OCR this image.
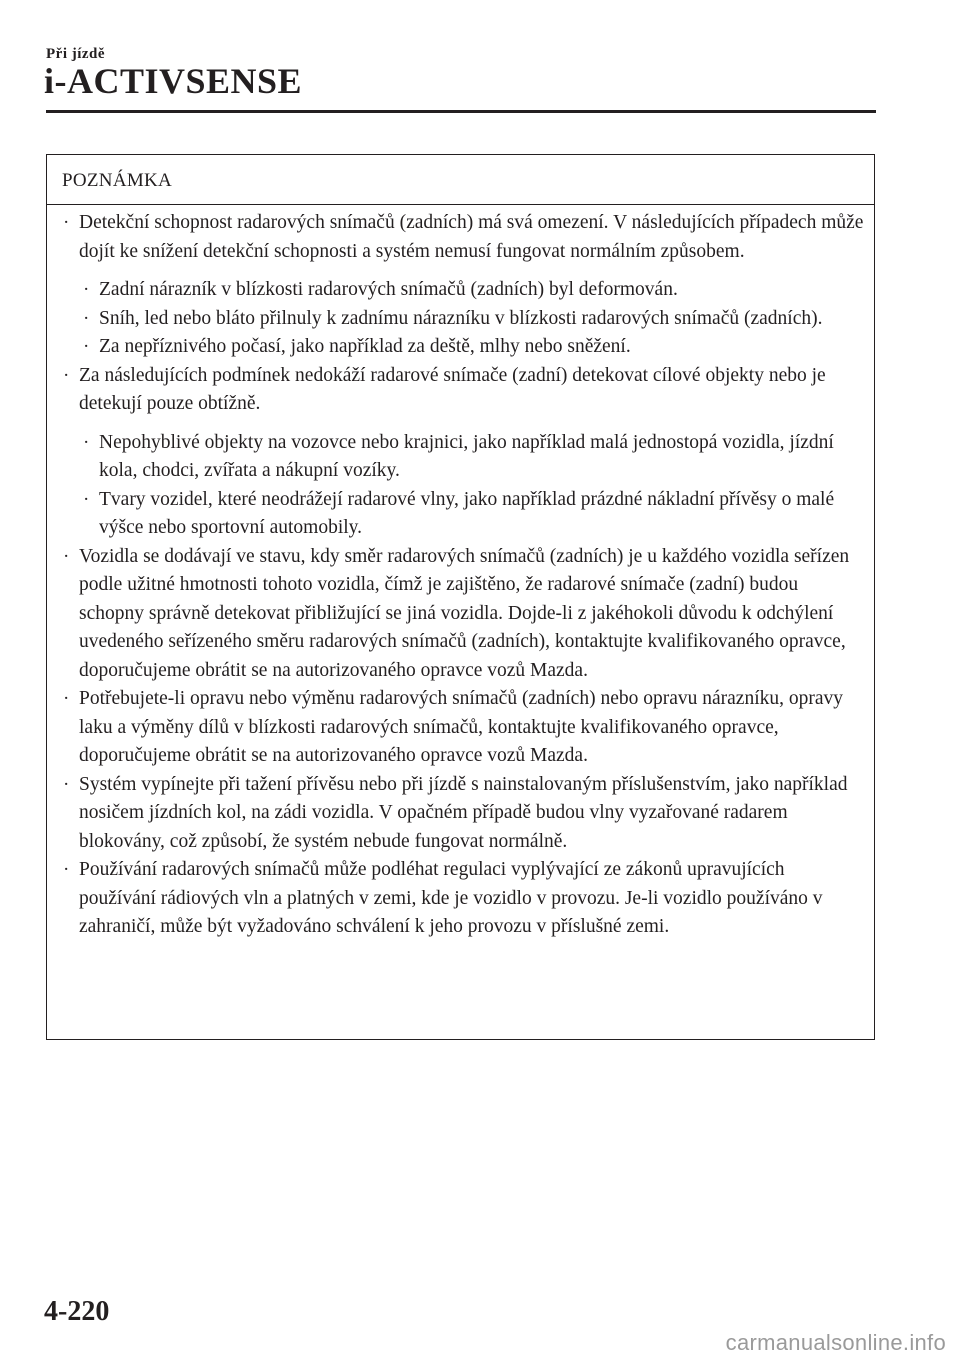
Při jízdě
i-ACTIVSENSE
POZNÁMKA
· Detekční schopnost radarových snímačů (zadních) má svá omezení. V následujících případech může dojít ke snížení detekční schopnosti a systém nemusí fungovat normálním způsobem.
· Zadní nárazník v blízkosti radarových snímačů (zadních) byl deformován.
· Sníh, led nebo bláto přilnuly k zadnímu nárazníku v blízkosti radarových snímačů (zadních).
· Za nepříznivého počasí, jako například za deště, mlhy nebo sněžení.
· Za následujících podmínek nedokáží radarové snímače (zadní) detekovat cílové objekty nebo je detekují pouze obtížně.
· Nepohyblivé objekty na vozovce nebo krajnici, jako například malá jednostopá vozidla, jízdní kola, chodci, zvířata a nákupní vozíky.
· Tvary vozidel, které neodrážejí radarové vlny, jako například prázdné nákladní přívěsy o malé výšce nebo sportovní automobily.
· Vozidla se dodávají ve stavu, kdy směr radarových snímačů (zadních) je u každého vozidla seřízen podle užitné hmotnosti tohoto vozidla, čímž je zajištěno, že radarové snímače (zadní) budou schopny správně detekovat přibližující se jiná vozidla. Dojde-li z jakéhokoli důvodu k odchýlení uvedeného seřízeného směru radarových snímačů (zadních), kontaktujte kvalifikovaného opravce, doporučujeme obrátit se na autorizovaného opravce vozů Mazda.
· Potřebujete-li opravu nebo výměnu radarových snímačů (zadních) nebo opravu nárazníku, opravy laku a výměny dílů v blízkosti radarových snímačů, kontaktujte kvalifikovaného opravce, doporučujeme obrátit se na autorizovaného opravce vozů Mazda.
· Systém vypínejte při tažení přívěsu nebo při jízdě s nainstalovaným příslušenstvím, jako například nosičem jízdních kol, na zádi vozidla. V opačném případě budou vlny vyzařované radarem blokovány, což způsobí, že systém nebude fungovat normálně.
· Používání radarových snímačů může podléhat regulaci vyplývající ze zákonů upravujících používání rádiových vln a platných v zemi, kde je vozidlo v provozu. Je-li vozidlo používáno v zahraničí, může být vyžadováno schválení k jeho provozu v příslušné zemi.
4-220
carmanualsonline.info
